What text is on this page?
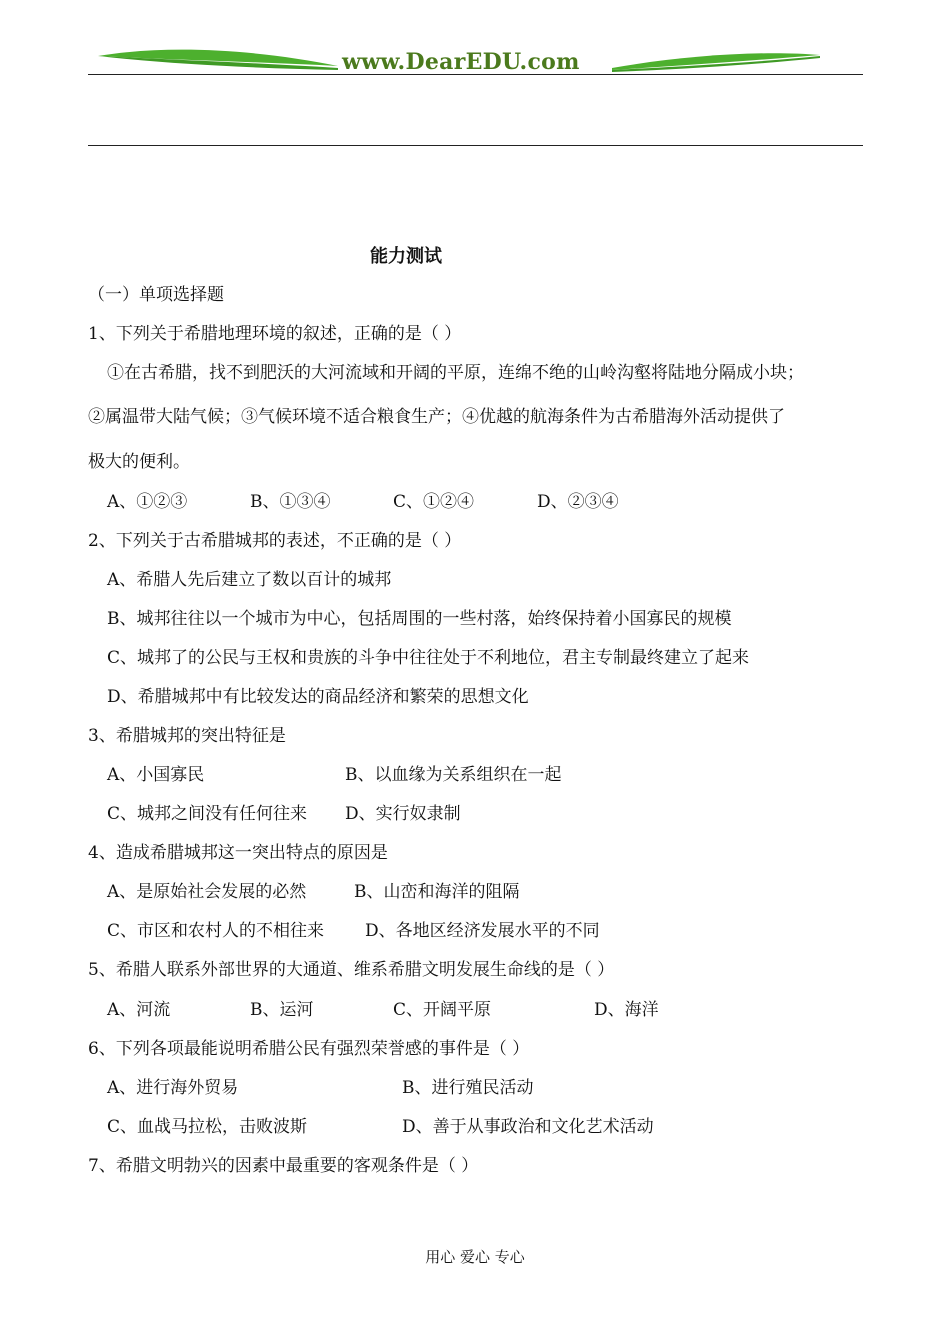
www.DearEDU.com
能力测试
（一）单项选择题
1、下列关于希腊地理环境的叙述，正确的是（ ）
①在古希腊，找不到肥沃的大河流域和开阔的平原，连绵不绝的山岭沟壑将陆地分隔成小块；
②属温带大陆气候；③气候环境不适合粮食生产；④优越的航海条件为古希腊海外活动提供了
极大的便利。
A、①②③	B、①③④	C、①②④	D、②③④
2、下列关于古希腊城邦的表述，不正确的是（ ）
A、希腊人先后建立了数以百计的城邦
B、城邦往往以一个城市为中心，包括周围的一些村落，始终保持着小国寡民的规模
C、城邦了的公民与王权和贵族的斗争中往往处于不利地位，君主专制最终建立了起来
D、希腊城邦中有比较发达的商品经济和繁荣的思想文化
3、希腊城邦的突出特征是
A、小国寡民	B、以血缘为关系组织在一起
C、城邦之间没有任何往来 D、实行奴隶制
4、造成希腊城邦这一突出特点的原因是
A、是原始社会发展的必然	B、山峦和海洋的阻隔
C、市区和农村人的不相往来 D、各地区经济发展水平的不同
5、希腊人联系外部世界的大通道、维系希腊文明发展生命线的是（ ）
A、河流	B、运河	C、开阔平原	D、海洋
6、下列各项最能说明希腊公民有强烈荣誉感的事件是（ ）
A、进行海外贸易	B、进行殖民活动
C、血战马拉松，击败波斯	D、善于从事政治和文化艺术活动
7、希腊文明勃兴的因素中最重要的客观条件是（ ）
用心 爱心 专心
